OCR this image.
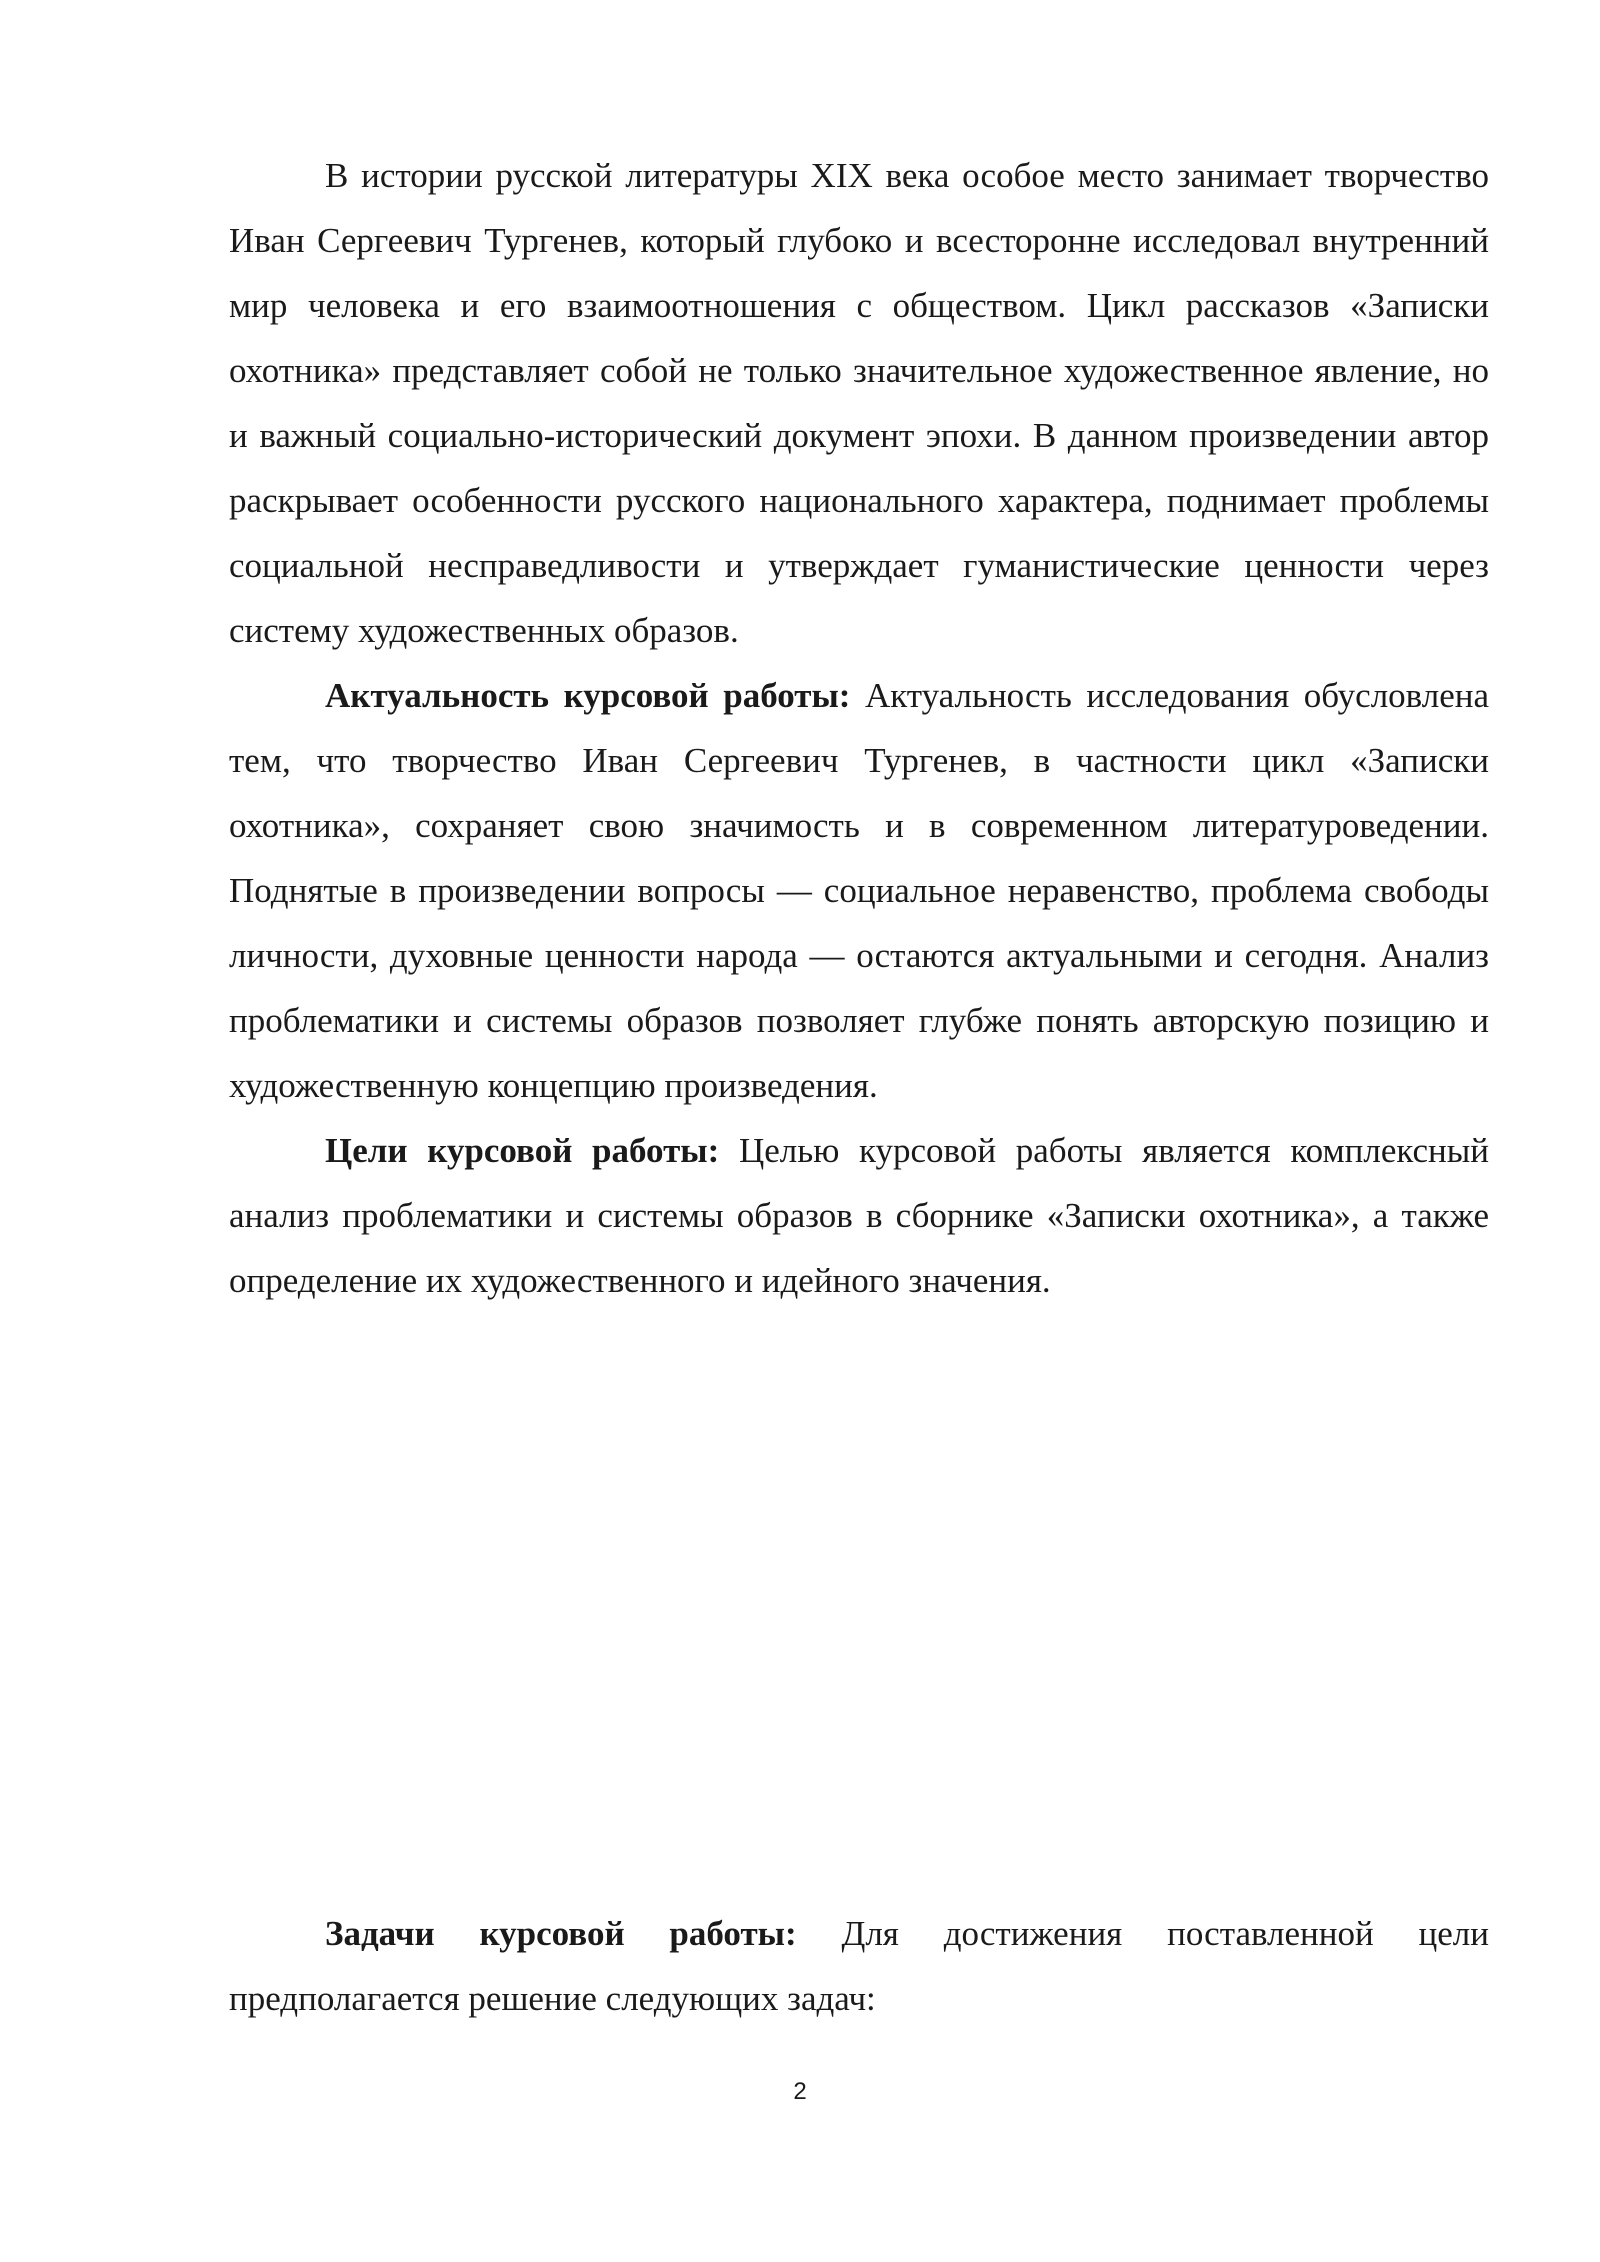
В истории русской литературы XIX века особое место занимает творчество Иван Сергеевич Тургенев, который глубоко и всесторонне исследовал внутренний мир человека и его взаимоотношения с обществом. Цикл рассказов «Записки охотника» представляет собой не только значительное художественное явление, но и важный социально-исторический документ эпохи. В данном произведении автор раскрывает особенности русского национального характера, поднимает проблемы социальной несправедливости и утверждает гуманистические ценности через систему художественных образов.

Актуальность курсовой работы: Актуальность исследования обусловлена тем, что творчество Иван Сергеевич Тургенев, в частности цикл «Записки охотника», сохраняет свою значимость и в современном литературоведении. Поднятые в произведении вопросы — социальное неравенство, проблема свободы личности, духовные ценности народа — остаются актуальными и сегодня. Анализ проблематики и системы образов позволяет глубже понять авторскую позицию и художественную концепцию произведения.

Цели курсовой работы: Целью курсовой работы является комплексный анализ проблематики и системы образов в сборнике «Записки охотника», а также определение их художественного и идейного значения.

Задачи курсовой работы: Для достижения поставленной цели предполагается решение следующих задач:

2
